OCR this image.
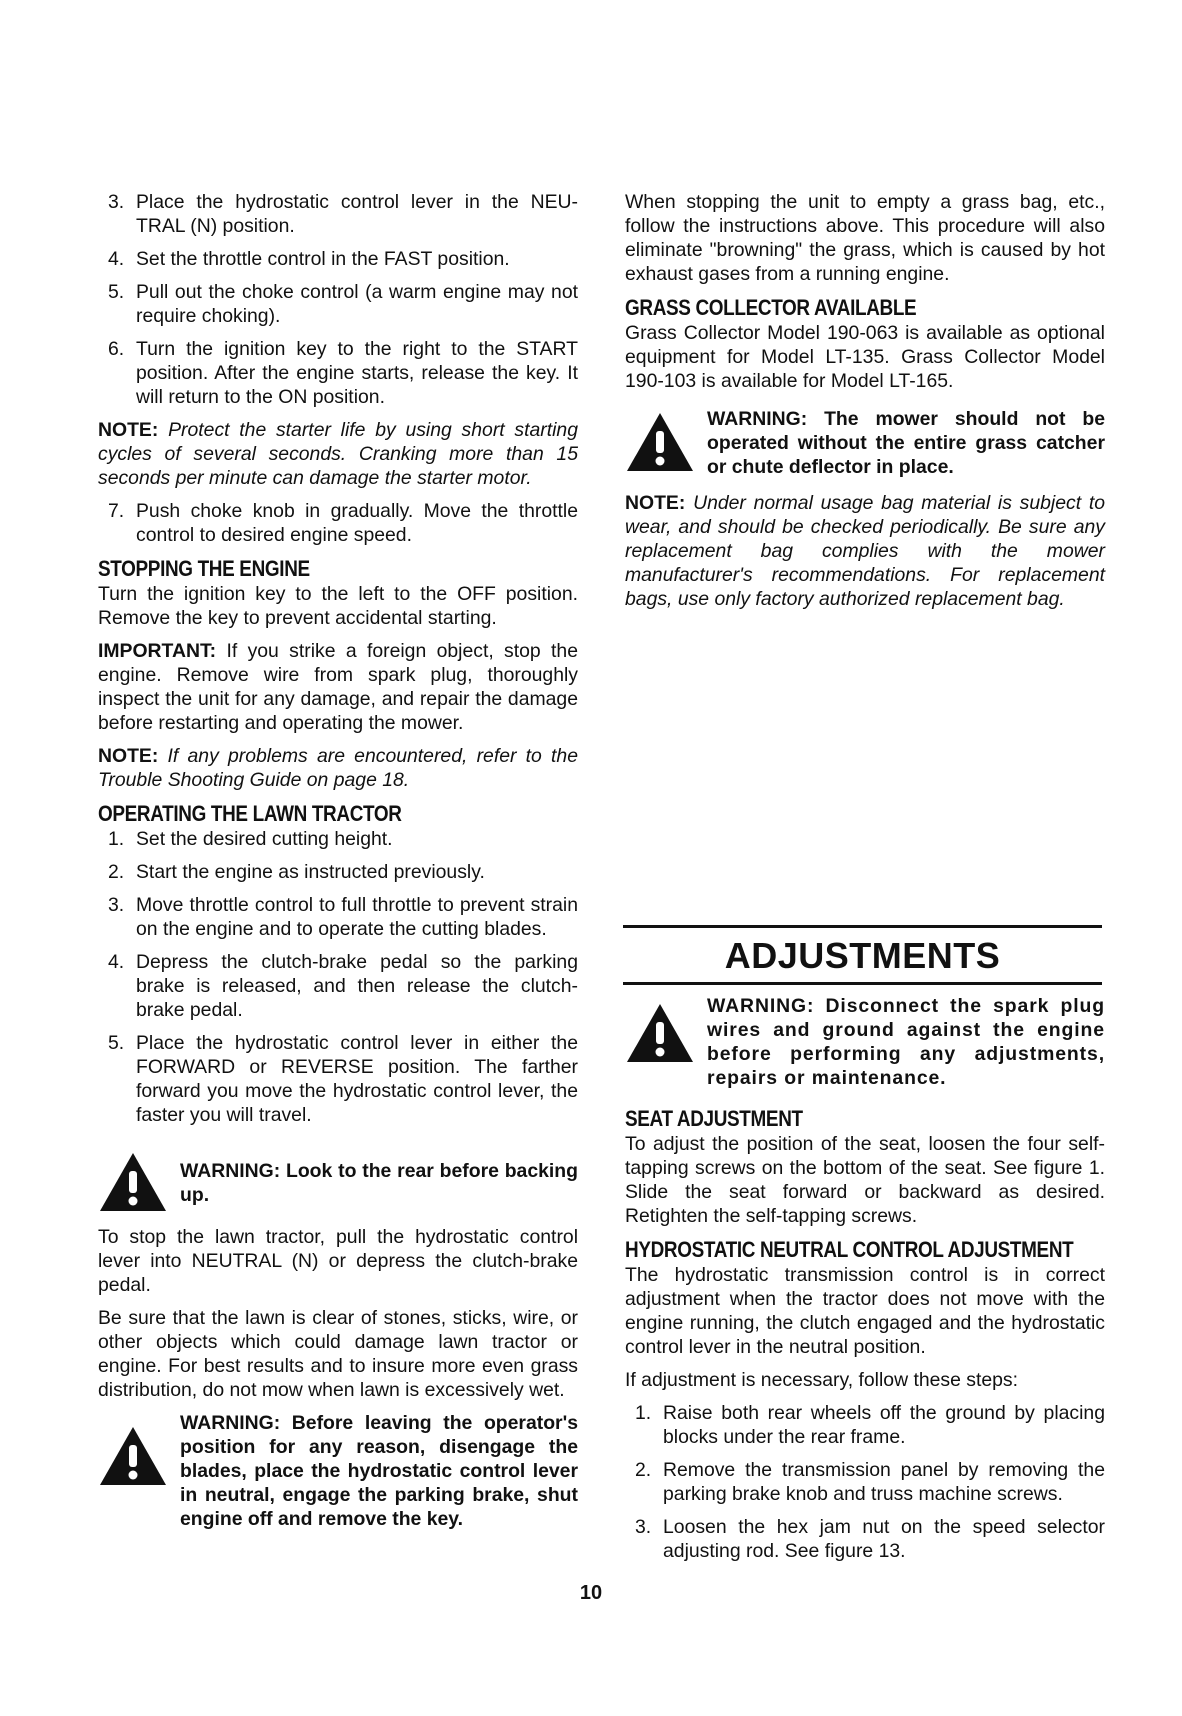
3. Place the hydrostatic control lever in the NEU-TRAL (N) position.
4. Set the throttle control in the FAST position.
5. Pull out the choke control (a warm engine may not require choking).
6. Turn the ignition key to the right to the START position. After the engine starts, release the key. It will return to the ON position.

NOTE: Protect the starter life by using short starting cycles of several seconds. Cranking more than 15 seconds per minute can damage the starter motor.

7. Push choke knob in gradually. Move the throttle control to desired engine speed.
STOPPING THE ENGINE

Turn the ignition key to the left to the OFF position. Remove the key to prevent accidental starting.

IMPORTANT: If you strike a foreign object, stop the engine. Remove wire from spark plug, thoroughly inspect the unit for any damage, and repair the damage before restarting and operating the mower.

NOTE: If any problems are encountered, refer to the Trouble Shooting Guide on page 18.

OPERATING THE LAWN TRACTOR
1. Set the desired cutting height.
2. Start the engine as instructed previously.
3. Move throttle control to full throttle to prevent strain on the engine and to operate the cutting blades.
4. Depress the clutch-brake pedal so the parking brake is released, and then release the clutch-brake pedal.
5. Place the hydrostatic control lever in either the FORWARD or REVERSE position. The farther forward you move the hydrostatic control lever, the faster you will travel.
WARNING: Look to the rear before backing up.

To stop the lawn tractor, pull the hydrostatic control lever into NEUTRAL (N) or depress the clutch-brake pedal.

Be sure that the lawn is clear of stones, sticks, wire, or other objects which could damage lawn tractor or engine. For best results and to insure more even grass distribution, do not mow when lawn is excessively wet.

WARNING: Before leaving the operator's position for any reason, disengage the blades, place the hydrostatic control lever in neutral, engage the parking brake, shut engine off and remove the key.

When stopping the unit to empty a grass bag, etc., follow the instructions above. This procedure will also eliminate "browning" the grass, which is caused by hot exhaust gases from a running engine.

GRASS COLLECTOR AVAILABLE

Grass Collector Model 190-063 is available as optional equipment for Model LT-135. Grass Collector Model 190-103 is available for Model LT-165.

WARNING: The mower should not be operated without the entire grass catcher or chute deflector in place.

NOTE: Under normal usage bag material is subject to wear, and should be checked periodically. Be sure any replacement bag complies with the mower manufacturer's recommendations. For replacement bags, use only factory authorized replacement bag.

ADJUSTMENTS
WARNING: Disconnect the spark plug wires and ground against the engine before performing any adjustments, repairs or maintenance.
SEAT ADJUSTMENT

To adjust the position of the seat, loosen the four self-tapping screws on the bottom of the seat. See figure 1. Slide the seat forward or backward as desired. Retighten the self-tapping screws.

HYDROSTATIC NEUTRAL CONTROL ADJUSTMENT

The hydrostatic transmission control is in correct adjustment when the tractor does not move with the engine running, the clutch engaged and the hydrostatic control lever in the neutral position.

If adjustment is necessary, follow these steps:

1. Raise both rear wheels off the ground by placing blocks under the rear frame.
2. Remove the transmission panel by removing the parking brake knob and truss machine screws.
3. Loosen the hex jam nut on the speed selector adjusting rod. See figure 13.
10
